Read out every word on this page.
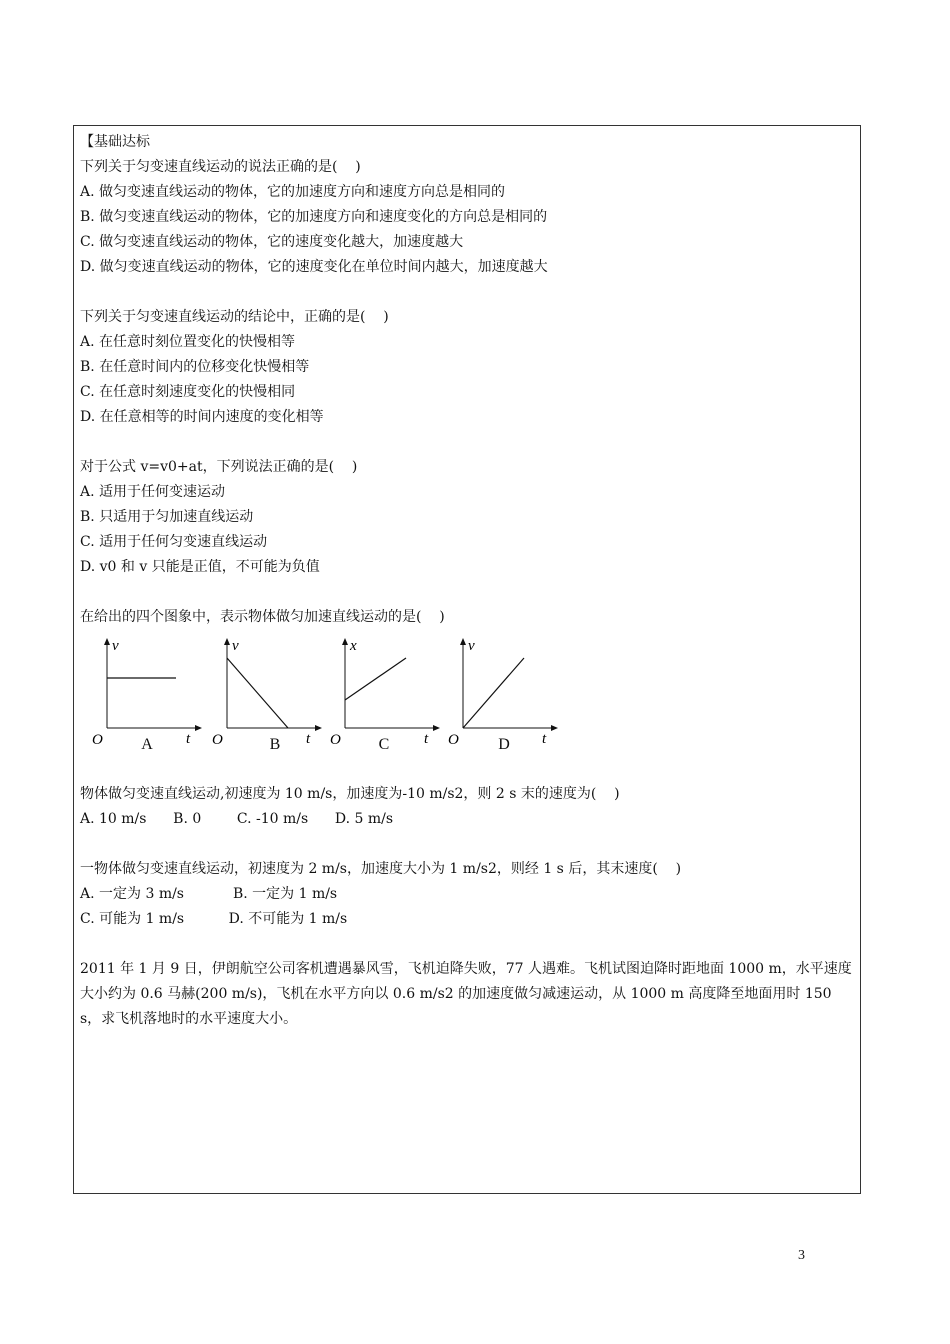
【基础达标
下列关于匀变速直线运动的说法正确的是(    )
A. 做匀变速直线运动的物体，它的加速度方向和速度方向总是相同的
B. 做匀变速直线运动的物体，它的加速度方向和速度变化的方向总是相同的
C. 做匀变速直线运动的物体，它的速度变化越大，加速度越大
D. 做匀变速直线运动的物体，它的速度变化在单位时间内越大，加速度越大
下列关于匀变速直线运动的结论中，正确的是(    )
A. 在任意时刻位置变化的快慢相等
B. 在任意时间内的位移变化快慢相等
C. 在任意时刻速度变化的快慢相同
D. 在任意相等的时间内速度的变化相等
对于公式 v=v0+at，下列说法正确的是(    )
A. 适用于任何变速运动
B. 只适用于匀加速直线运动
C. 适用于任何匀变速直线运动
D. v0 和 v 只能是正值，不可能为负值
在给出的四个图象中，表示物体做匀加速直线运动的是(    )
v
t
O
v
t
O
x
t
O
v
t
O
A	B	C	D
物体做匀变速直线运动,初速度为 10 m/s，加速度为-10 m/s2，则 2 s 末的速度为(    )
A. 10 m/s      B. 0        C. -10 m/s      D. 5 m/s
一物体做匀变速直线运动，初速度为 2 m/s，加速度大小为 1 m/s2，则经 1 s 后，其末速度(    )
A. 一定为 3 m/s           B. 一定为 1 m/s
C. 可能为 1 m/s          D. 不可能为 1 m/s
2011 年 1 月 9 日，伊朗航空公司客机遭遇暴风雪，飞机迫降失败，77 人遇难。飞机试图迫降时距地面 1000 m，水平速度大小约为 0.6 马赫(200 m/s)，飞机在水平方向以 0.6 m/s2 的加速度做匀减速运动，从 1000 m 高度降至地面用时 150 s，求飞机落地时的水平速度大小。
3
